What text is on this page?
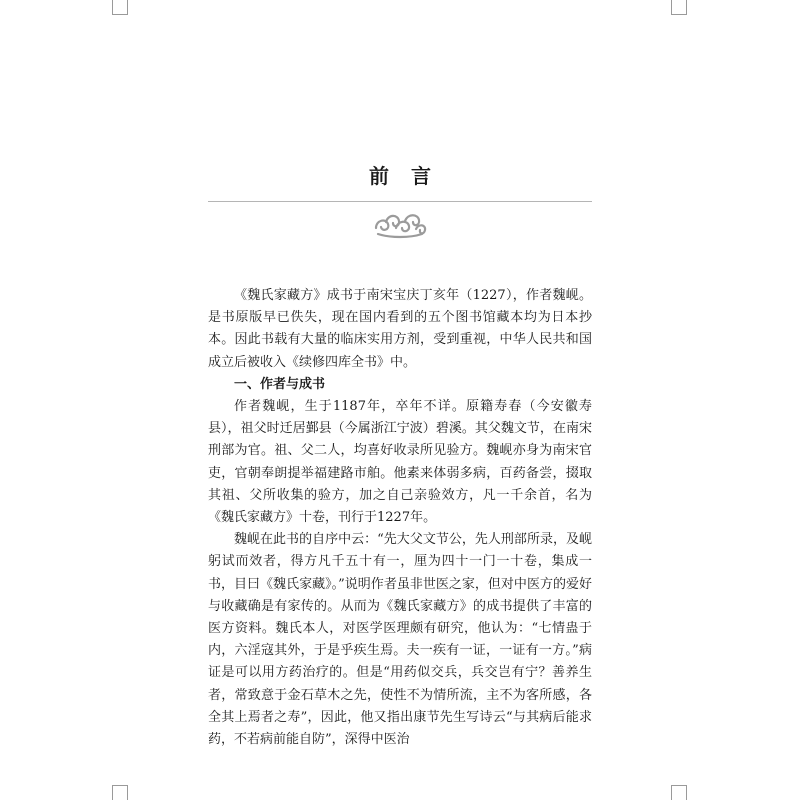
前言

《魏氏家藏方》成书于南宋宝庆丁亥年（1227），作者魏岘。是书原版早已佚失，现在国内看到的五个图书馆藏本均为日本抄本。因此书载有大量的临床实用方剂，受到重视，中华人民共和国成立后被收入《续修四库全书》中。

一、作者与成书

作者魏岘，生于1187年，卒年不详。原籍寿春（今安徽寿县），祖父时迁居鄞县（今属浙江宁波）碧溪。其父魏文节，在南宋刑部为官。祖、父二人，均喜好收录所见验方。魏岘亦身为南宋官吏，官朝奉朗提举福建路市舶。他素来体弱多病，百药备尝，掇取其祖、父所收集的验方，加之自己亲验效方，凡一千余首，名为《魏氏家藏方》十卷，刊行于1227年。

魏岘在此书的自序中云：“先大父文节公，先人刑部所录，及岘躬试而效者，得方凡千五十有一，厘为四十一门一十卷，集成一书，目曰《魏氏家藏》。”说明作者虽非世医之家，但对中医方的爱好与收藏确是有家传的。从而为《魏氏家藏方》的成书提供了丰富的医方资料。魏氏本人，对医学医理颇有研究，他认为：“七情蛊于内，六淫寇其外，于是乎疾生焉。夫一疾有一证，一证有一方。”病证是可以用方药治疗的。但是“用药似交兵，兵交岂有宁？善养生者，常致意于金石草木之先，使性不为情所流，主不为客所感，各全其上焉者之寿”，因此，他又指出康节先生写诗云“与其病后能求药，不若病前能自防”，深得中医治
